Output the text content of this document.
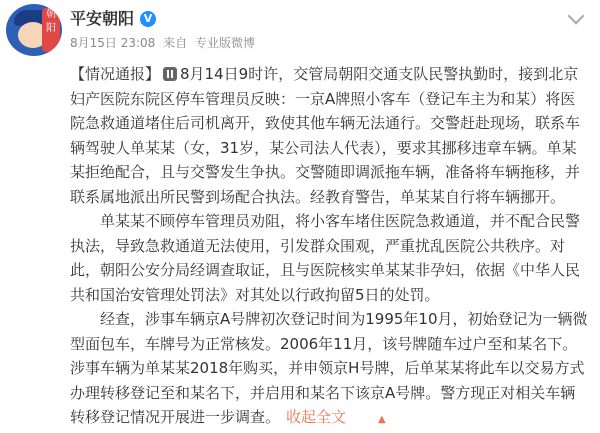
朝阳
平安朝阳 V
8月15日 23:08 来自 专业版微博

【情况通报】 8月14日9时许，交管局朝阳交通支队民警执勤时，接到北京妇产医院东院区停车管理员反映：一京A牌照小客车（登记车主为和某）将医院急救通道堵住后司机离开，致使其他车辆无法通行。交警赶赴现场，联系车辆驾驶人单某某（女，31岁，某公司法人代表），要求其挪移违章车辆。单某某拒绝配合，且与交警发生争执。交警随即调派拖车辆，准备将车辆拖移，并联系属地派出所民警到场配合执法。经教育警告，单某某自行将车辆挪开。

单某某不顾停车管理员劝阻，将小客车堵住医院急救通道，并不配合民警执法，导致急救通道无法使用，引发群众围观，严重扰乱医院公共秩序。对此，朝阳公安分局经调查取证，且与医院核实单某某非孕妇，依据《中华人民共和国治安管理处罚法》对其处以行政拘留5日的处罚。

经查，涉事车辆京A号牌初次登记时间为1995年10月，初始登记为一辆微型面包车，车牌号为正常核发。2006年11月，该号牌随车过户至和某名下。涉事车辆为单某某2018年购买，并申领京H号牌，后单某某将此车以交易方式办理转移登记至和某名下，并启用和某名下该京A号牌。警方现正对相关车辆转移登记情况开展进一步调查。 收起全文	▲
